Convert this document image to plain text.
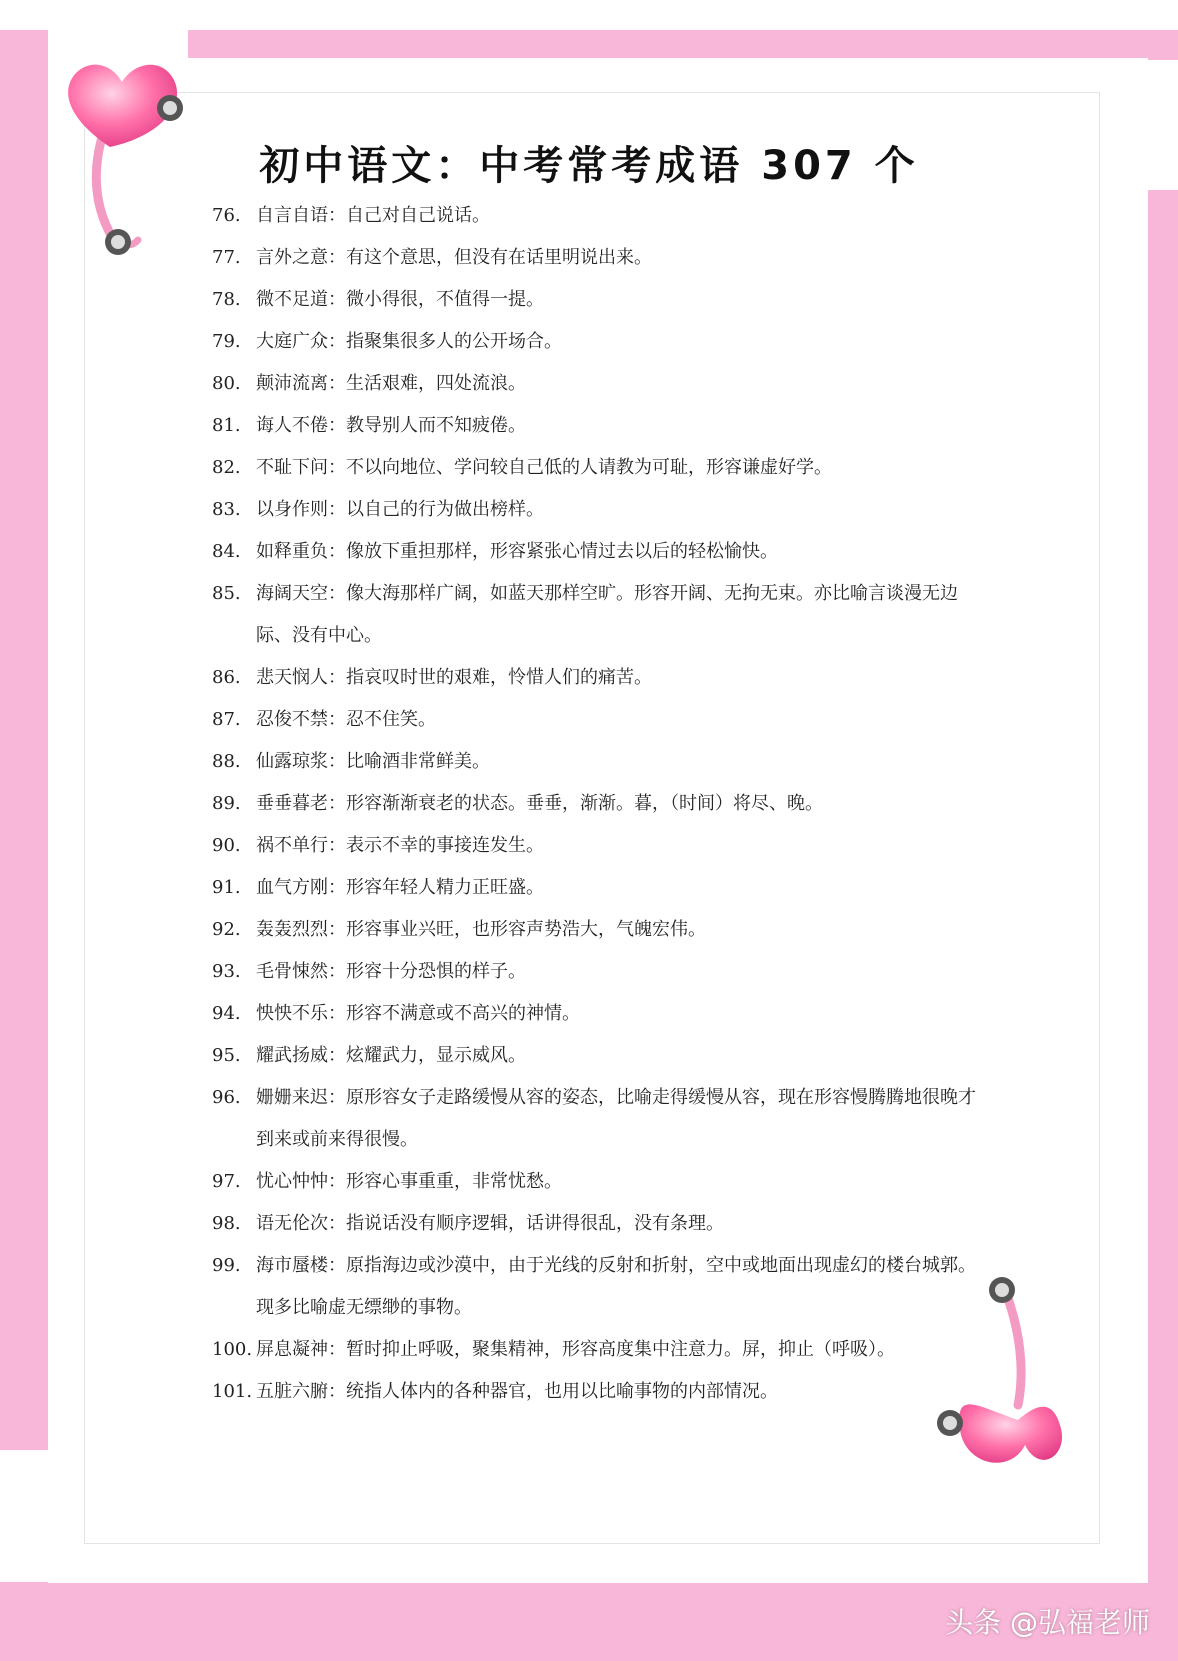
初中语文：中考常考成语 307 个
76. 自言自语：自己对自己说话。
77. 言外之意：有这个意思，但没有在话里明说出来。
78. 微不足道：微小得很，不值得一提。
79. 大庭广众：指聚集很多人的公开场合。
80. 颠沛流离：生活艰难，四处流浪。
81. 诲人不倦：教导别人而不知疲倦。
82. 不耻下问：不以向地位、学问较自己低的人请教为可耻，形容谦虚好学。
83. 以身作则：以自己的行为做出榜样。
84. 如释重负：像放下重担那样，形容紧张心情过去以后的轻松愉快。
85. 海阔天空：像大海那样广阔，如蓝天那样空旷。形容开阔、无拘无束。亦比喻言谈漫无边际、没有中心。
86. 悲天悯人：指哀叹时世的艰难，怜惜人们的痛苦。
87. 忍俊不禁：忍不住笑。
88. 仙露琼浆：比喻酒非常鲜美。
89. 垂垂暮老：形容渐渐衰老的状态。垂垂，渐渐。暮，（时间）将尽、晚。
90. 祸不单行：表示不幸的事接连发生。
91. 血气方刚：形容年轻人精力正旺盛。
92. 轰轰烈烈：形容事业兴旺，也形容声势浩大，气魄宏伟。
93. 毛骨悚然：形容十分恐惧的样子。
94. 怏怏不乐：形容不满意或不高兴的神情。
95. 耀武扬威：炫耀武力，显示威风。
96. 姗姗来迟：原形容女子走路缓慢从容的姿态，比喻走得缓慢从容，现在形容慢腾腾地很晚才到来或前来得很慢。
97. 忧心忡忡：形容心事重重，非常忧愁。
98. 语无伦次：指说话没有顺序逻辑，话讲得很乱，没有条理。
99. 海市蜃楼：原指海边或沙漠中，由于光线的反射和折射，空中或地面出现虚幻的楼台城郭。现多比喻虚无缥缈的事物。
100. 屏息凝神：暂时抑止呼吸，聚集精神，形容高度集中注意力。屏，抑止（呼吸）。
101. 五脏六腑：统指人体内的各种器官，也用以比喻事物的内部情况。
头条 @弘福老师
